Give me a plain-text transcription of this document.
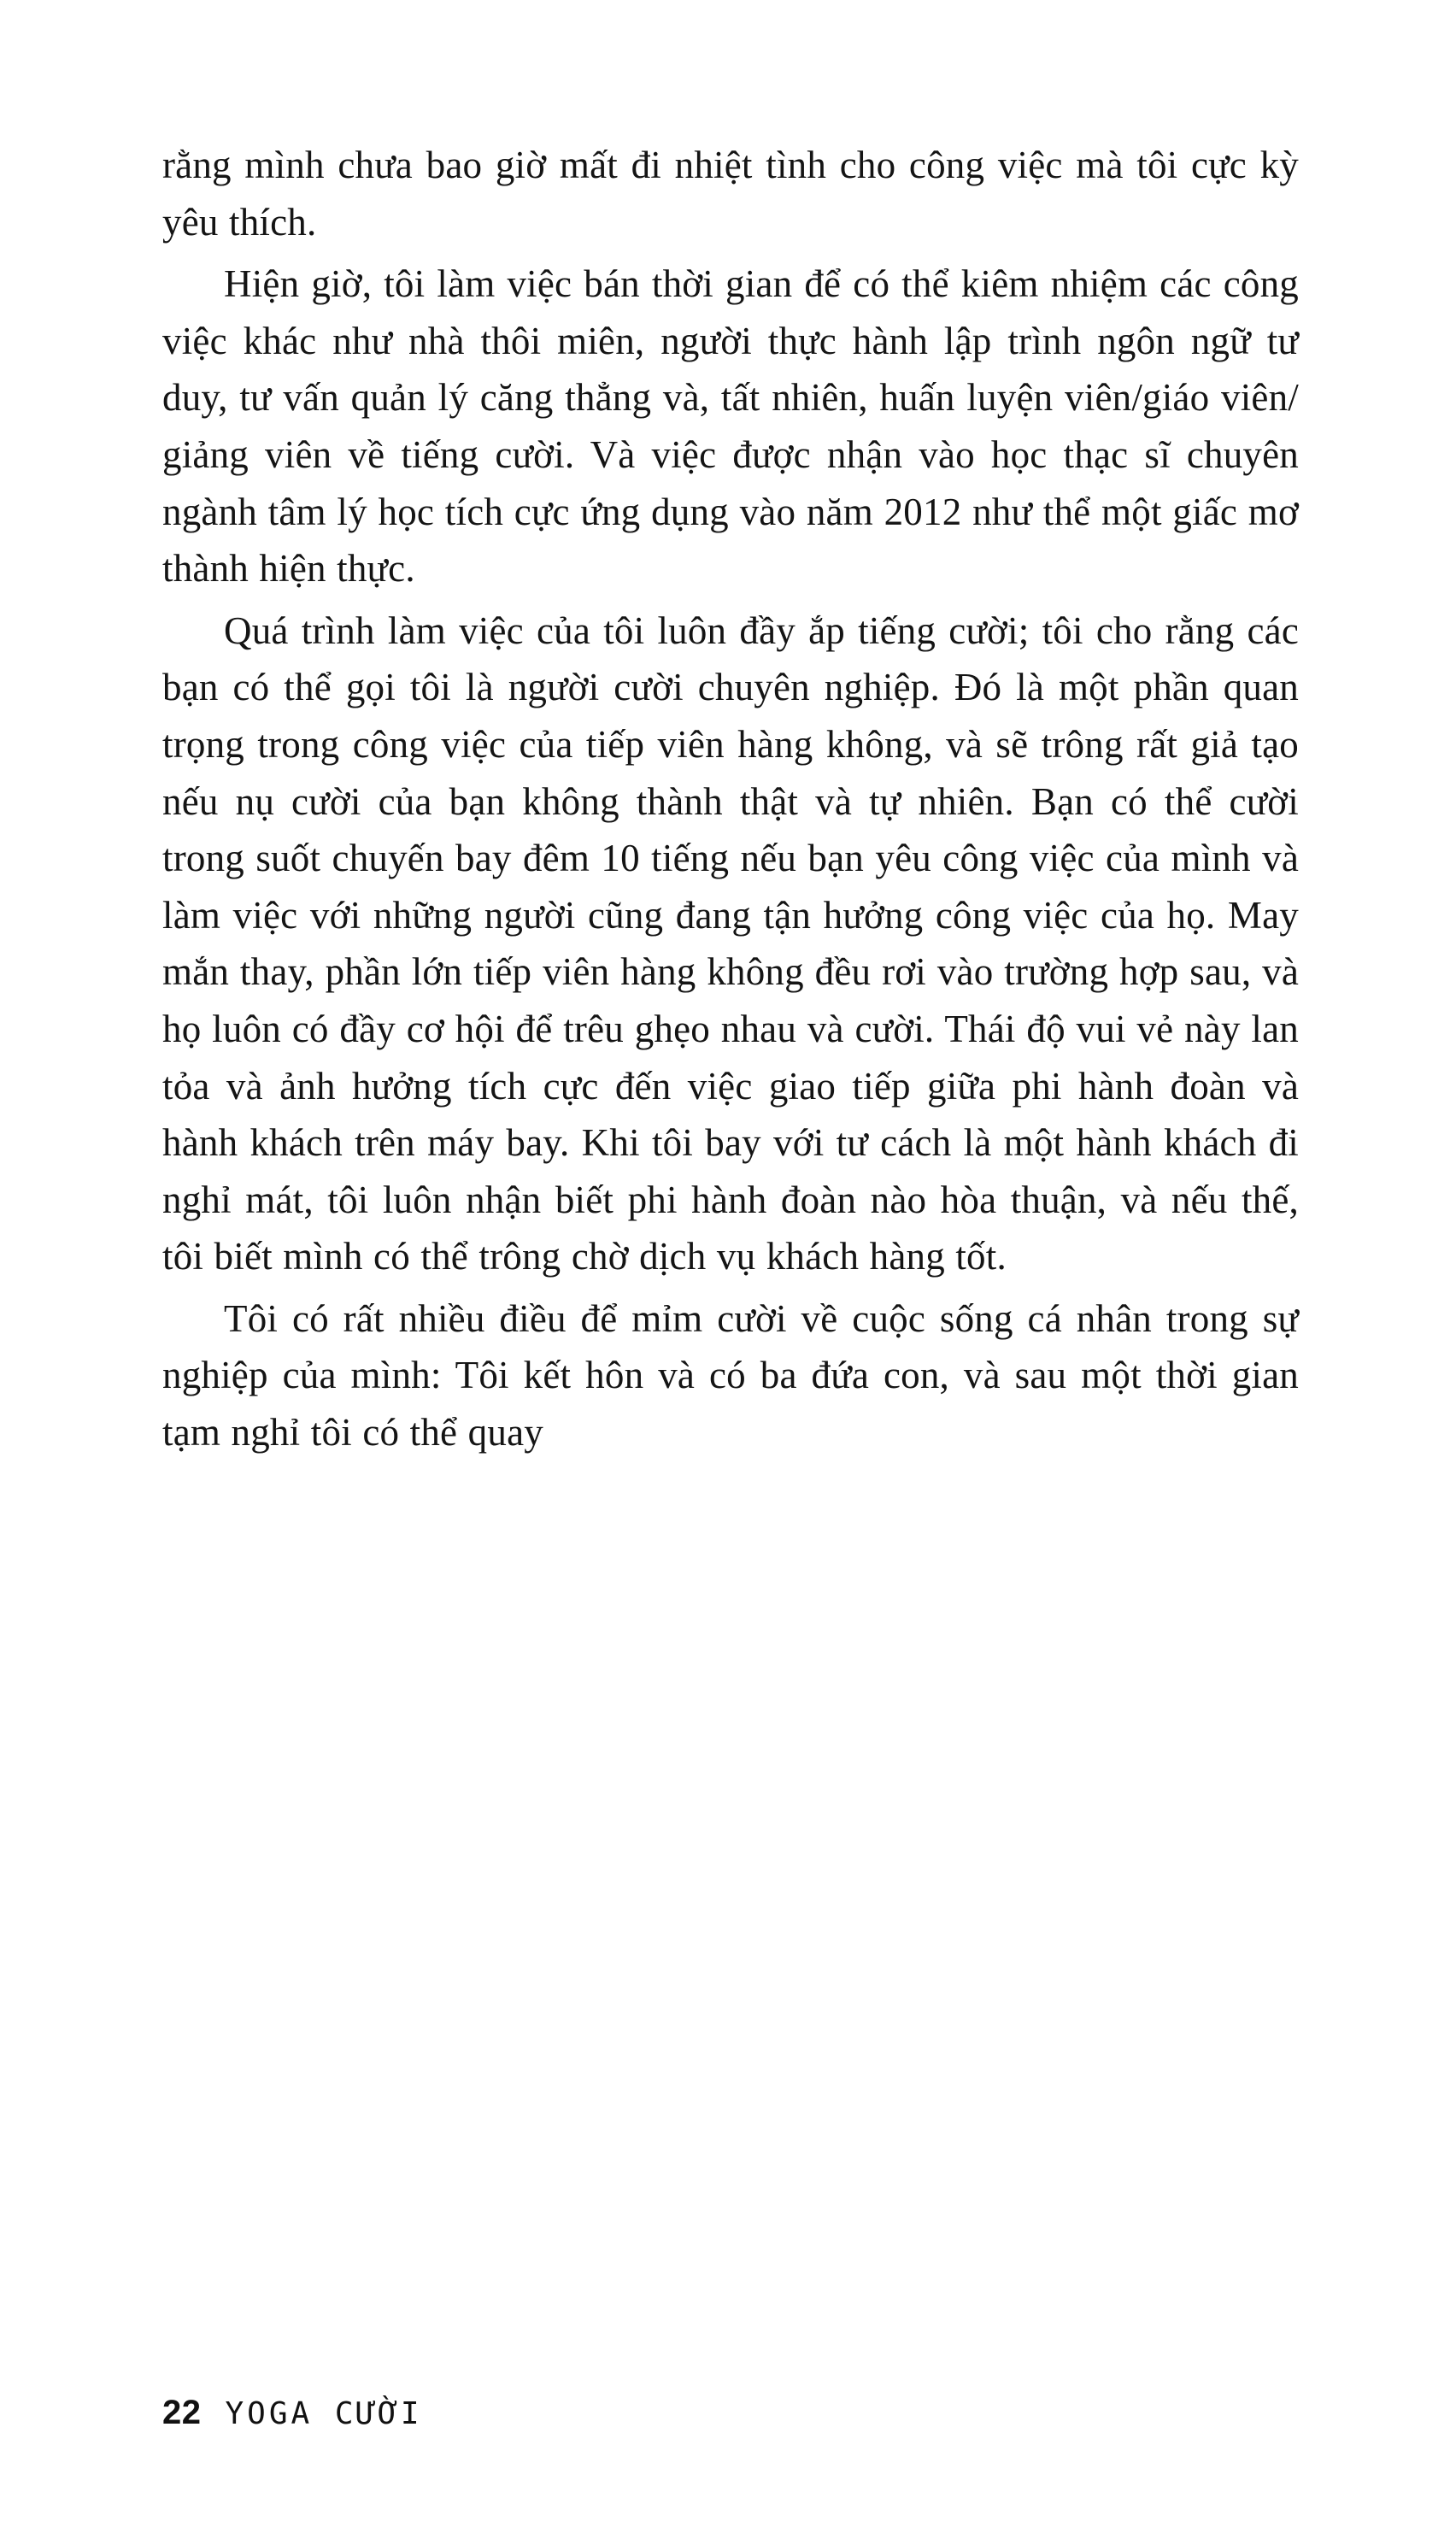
rằng mình chưa bao giờ mất đi nhiệt tình cho công việc mà tôi cực kỳ yêu thích.

Hiện giờ, tôi làm việc bán thời gian để có thể kiêm nhiệm các công việc khác như nhà thôi miên, người thực hành lập trình ngôn ngữ tư duy, tư vấn quản lý căng thẳng và, tất nhiên, huấn luyện viên/giáo viên/ giảng viên về tiếng cười. Và việc được nhận vào học thạc sĩ chuyên ngành tâm lý học tích cực ứng dụng vào năm 2012 như thể một giấc mơ thành hiện thực.

Quá trình làm việc của tôi luôn đầy ắp tiếng cười; tôi cho rằng các bạn có thể gọi tôi là người cười chuyên nghiệp. Đó là một phần quan trọng trong công việc của tiếp viên hàng không, và sẽ trông rất giả tạo nếu nụ cười của bạn không thành thật và tự nhiên. Bạn có thể cười trong suốt chuyến bay đêm 10 tiếng nếu bạn yêu công việc của mình và làm việc với những người cũng đang tận hưởng công việc của họ. May mắn thay, phần lớn tiếp viên hàng không đều rơi vào trường hợp sau, và họ luôn có đầy cơ hội để trêu ghẹo nhau và cười. Thái độ vui vẻ này lan tỏa và ảnh hưởng tích cực đến việc giao tiếp giữa phi hành đoàn và hành khách trên máy bay. Khi tôi bay với tư cách là một hành khách đi nghỉ mát, tôi luôn nhận biết phi hành đoàn nào hòa thuận, và nếu thế, tôi biết mình có thể trông chờ dịch vụ khách hàng tốt.

Tôi có rất nhiều điều để mỉm cười về cuộc sống cá nhân trong sự nghiệp của mình: Tôi kết hôn và có ba đứa con, và sau một thời gian tạm nghỉ tôi có thể quay

22 YOGA CƯỜI
